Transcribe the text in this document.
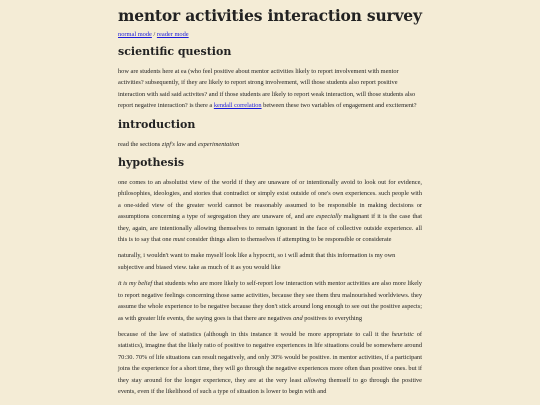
mentor activities interaction survey
normal mode / reader mode
scientific question

how are students here at ea (who feel positive about mentor activities likely to report involvement with mentor activities? subsequently, if they are likely to report strong involvement, will those students also report positive interaction with said said activites? and if those students are likely to report weak interaction, will those students also report negative interaction? is there a kendall correlation between these two variables of engagement and excitement?

introduction

read the sections zipf's law and experimentation

hypothesis

one comes to an absolutist view of the world if they are unaware of or intentionally avoid to look out for evidence, philosophies, ideologies, and stories that contradict or simply exist outside of one's own experiences. such people with a one-sided view of the greater world cannot be reasonably assumed to be responsible in making decisions or assumptions concerning a type of segregation they are unaware of, and are especially malignant if it is the case that they, again, are intentionally allowing themselves to remain ignorant in the face of collective outside experience. all this is to say that one must consider things alien to themselves if attempting to be responsible or considerate

naturally, i wouldn't want to make myself look like a hypocrit, so i will admit that this information is my own subjective and biased view. take as much of it as you would like

it is my belief that students who are more likely to self-report low interaction with mentor activities are also more likely to report negative feelings concerning those same activities, because they see them thru malnourished worldviews. they assume the whole experience to be negative because they don't stick around long enough to see out the positive aspects; as with greater life events, the saying goes is that there are negatives and positives to everything

because of the law of statistics (although in this instance it would be more appropriate to call it the heuristic of statistics), imagine that the likely ratio of positive to negative experiences in life situations could be somewhere around 70:30. 70% of life situations can result negatively, and only 30% would be positive. in mentor activities, if a participant joins the experience for a short time, they will go through the negative experiences more often than positive ones. but if they stay around for the longer experience, they are at the very least allowing themself to go through the positive events, even if the likelihood of such a type of situation is lower to begin with and
